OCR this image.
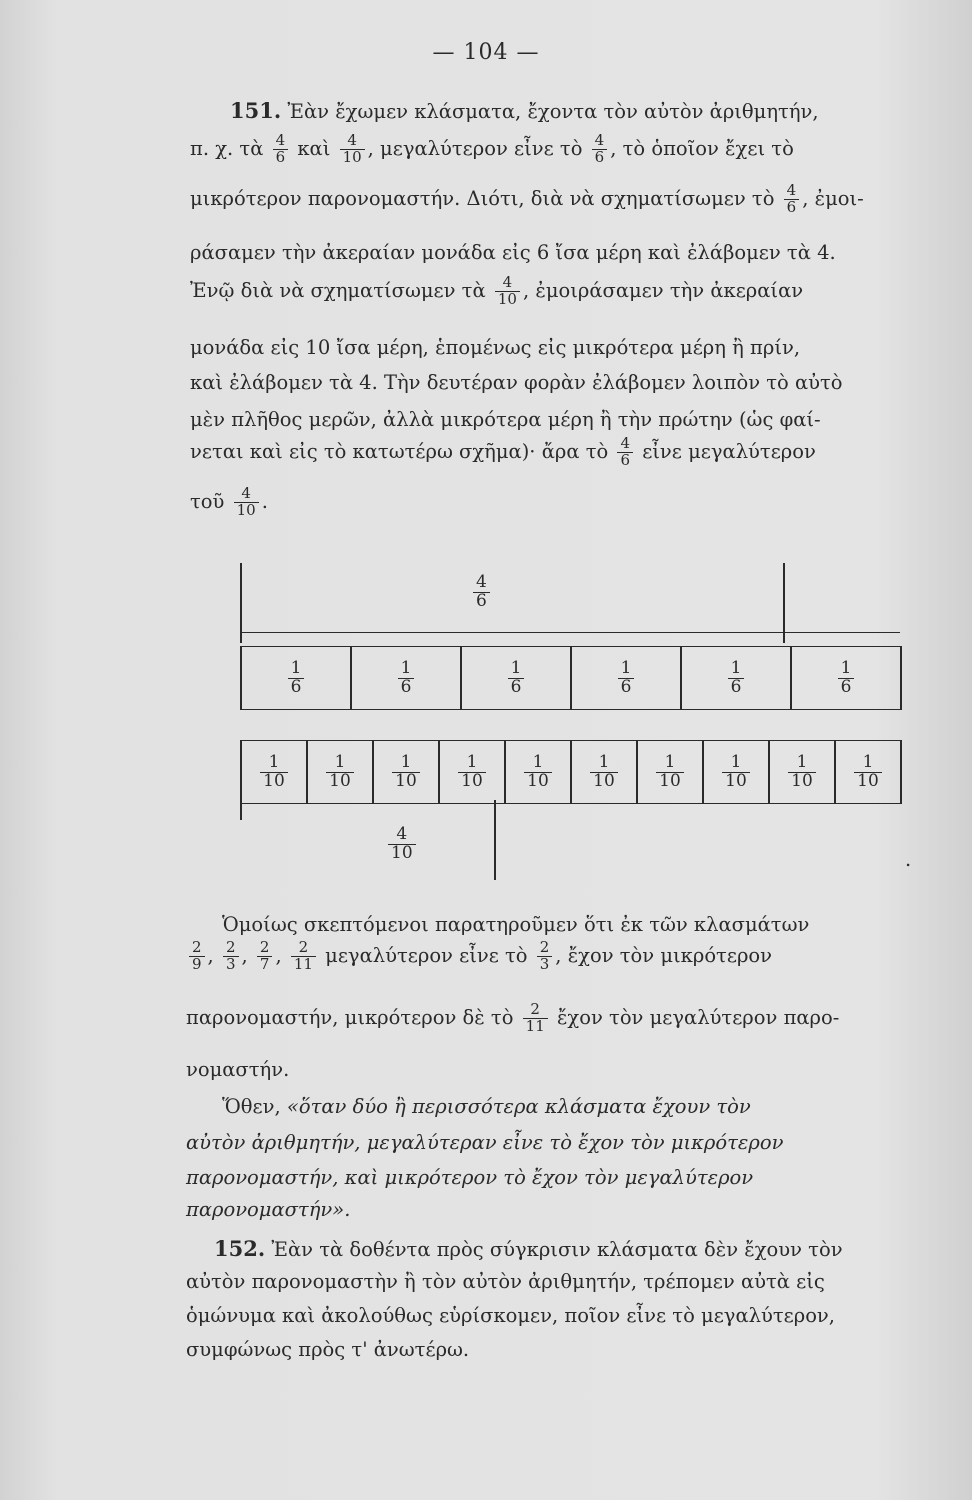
— 104 —
151. Ἐὰν ἔχωμεν κλάσματα, ἔχοντα τὸν αὐτὸν ἀριθμητήν,
π. χ. τὰ $\frac{4}{6}$ καὶ $\frac{4}{10}$ , μεγαλύτερον εἶνε τὸ $\frac{4}{6}$ , τὸ ὁποῖον ἔχει τὸ
μικρότερον παρονομαστήν. Διότι, διὰ νὰ σχηματίσωμεν τὸ $\frac{4}{6}$ , ἐμοι-
ράσαμεν τὴν ἀκεραίαν μονάδα εἰς 6 ἴσα μέρη καὶ ἐλάβομεν τὰ 4.
Ἐνῷ διὰ νὰ σχηματίσωμεν τὰ $\frac{4}{10}$ , ἐμοιράσαμεν τὴν ἀκεραίαν
μονάδα εἰς 10 ἴσα μέρη, ἑπομένως εἰς μικρότερα μέρη ἢ πρίν,
καὶ ἐλάβομεν τὰ 4. Τὴν δευτέραν φορὰν ἐλάβομεν λοιπὸν τὸ αὐτὸ
μὲν πλῆθος μερῶν, ἀλλὰ μικρότερα μέρη ἢ τὴν πρώτην (ὡς φαί-
νεται καὶ εἰς τὸ κατωτέρω σχῆμα)· ἄρα τὸ $\frac{4}{6}$ εἶνε μεγαλύτερον
τοῦ $\frac{4}{10}$ .
$\frac{4}{6}$
$\frac{1}{6}$	$\frac{1}{6}$	$\frac{1}{6}$	$\frac{1}{6}$	$\frac{1}{6}$	$\frac{1}{6}$
$\frac{1}{10} \frac{1}{10} \frac{1}{10} \frac{1}{10} \frac{1}{10} \frac{1}{10} \frac{1}{10} \frac{1}{10} \frac{1}{10} \frac{1}{10}$
$\frac{4}{10}$	.
Ὁμοίως σκεπτόμενοι παρατηροῦμεν ὅτι ἐκ τῶν κλασμάτων
$\frac{2}{9}$ , $\frac{2}{3}$ , $\frac{2}{7}$ , $\frac{2}{11}$ μεγαλύτερον εἶνε τὸ $\frac{2}{3}$ , ἔχον τὸν μικρότερον
παρονομαστήν, μικρότερον δὲ τὸ $\frac{2}{11}$ ἔχον τὸν μεγαλύτερον παρο-
νομαστήν.
Ὅθεν, «ὅταν δύο ἢ περισσότερα κλάσματα ἔχουν τὸν
αὐτὸν ἀριθμητήν, μεγαλύτεραν εἶνε τὸ ἔχον τὸν μικρότερον
παρονομαστήν, καὶ μικρότερον τὸ ἔχον τὸν μεγαλύτερον
παρονομαστήν».
152. Ἐὰν τὰ δοθέντα πρὸς σύγκρισιν κλάσματα δὲν ἔχουν τὸν
αὐτὸν παρονομαστὴν ἢ τὸν αὐτὸν ἀριθμητήν, τρέπομεν αὐτὰ εἰς
ὁμώνυμα καὶ ἀκολούθως εὑρίσκομεν, ποῖον εἶνε τὸ μεγαλύτερον,
συμφώνως πρὸς τ' ἀνωτέρω.
